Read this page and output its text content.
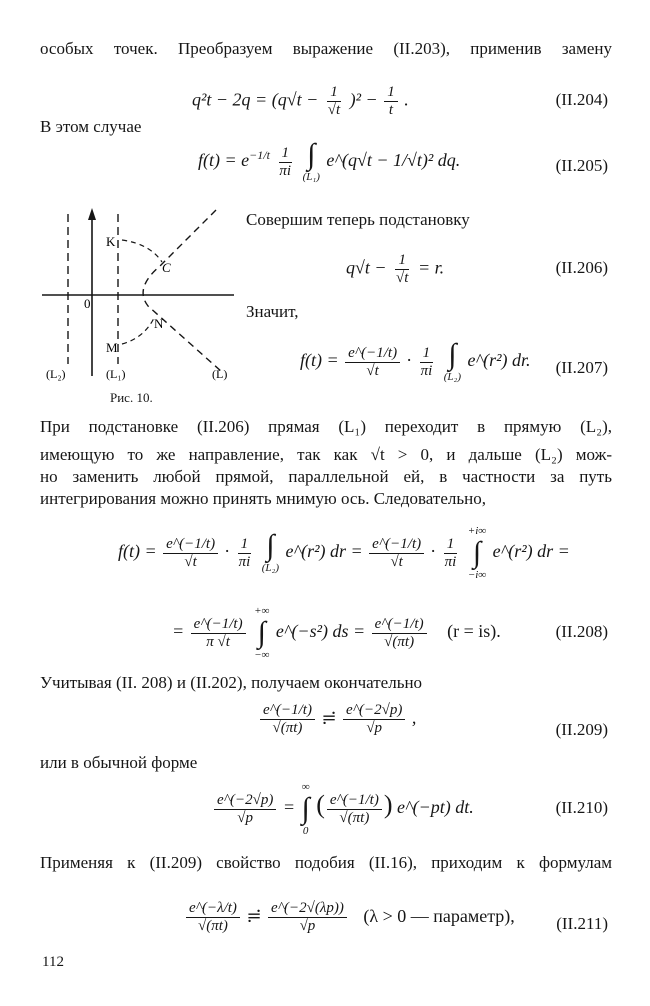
особых точек. Преобразуем выражение (II.203), применив замену

$q^2t - 2q = (q√t - \frac{1}{√t} )^2 - \frac{1}{t}$ .	(II.204)

В этом случае

$f(t) = e^{-1/t} \frac{1}{\pi i}$
∫
(L₁)
e^(q√t − 1/√t)² dq.	(II.205)
K
C
0
M
N
(L₂)	(L₁)	(L)
Рис. 10.
Совершим теперь подстановку
$q√t - \frac{1}{√t} = r$.	(II.206)
Значит,
$f(t) = \frac{e\^{}(-1/t)}{√t} \cdot \frac{1}{\pi i}$
∫
(L₂)
e^(r²) dr. (II.207)

При подстановке (II.206) прямая (L₁) переходит в прямую (L₂),

имеющую то же направление, так как √t > 0, и дальше (L₂) мож-

но заменить любой прямой, параллельной ей, в частности за путь

интегрирования можно принять мнимую ось. Следовательно,

$f(t) = \frac{e\^{}(-1/t)}{√t} \cdot \frac{1}{\pi i}$
∫
(L₂)
e^(r²) dr = $\frac{e\^{}(-1/t)}{√t} \cdot \frac{1}{\pi i}$

+i∞
∫
−i∞
e^(r²) dr =
= $\frac{e\^{}(-1/t)}{\pi √t}$

+∞
∫
−∞
e^(−s²) ds = $\frac{e\^{}(-1/t)}{√(\pi t)} (r = is)$.	(II.208)

Учитывая (II. 208) и (II.202), получаем окончательно

$\frac{e\^{}(-1/t)}{√(\pi t)}$ ≓ $\frac{e\^{}(-2√p)}{√p}$ ,
(II.209)

или в обычной форме

$\frac{e\^{}(-2√p)}{√p}$ =
∞
∫
0
( $\frac{e\^{}(-1/t)}{√(\pi t)}$ ) e^(−pt) dt.	(II.210)

Применяя к (II.209) свойство подобия (II.16), приходим к формулам

$\frac{e\^{}(-\lambda/t)}{√(\pi t)}$ ≓ $\frac{e\^{}(-2√(\lambda p))}{√p} (\lambda > 0$ — параметр), (II.211)
112
